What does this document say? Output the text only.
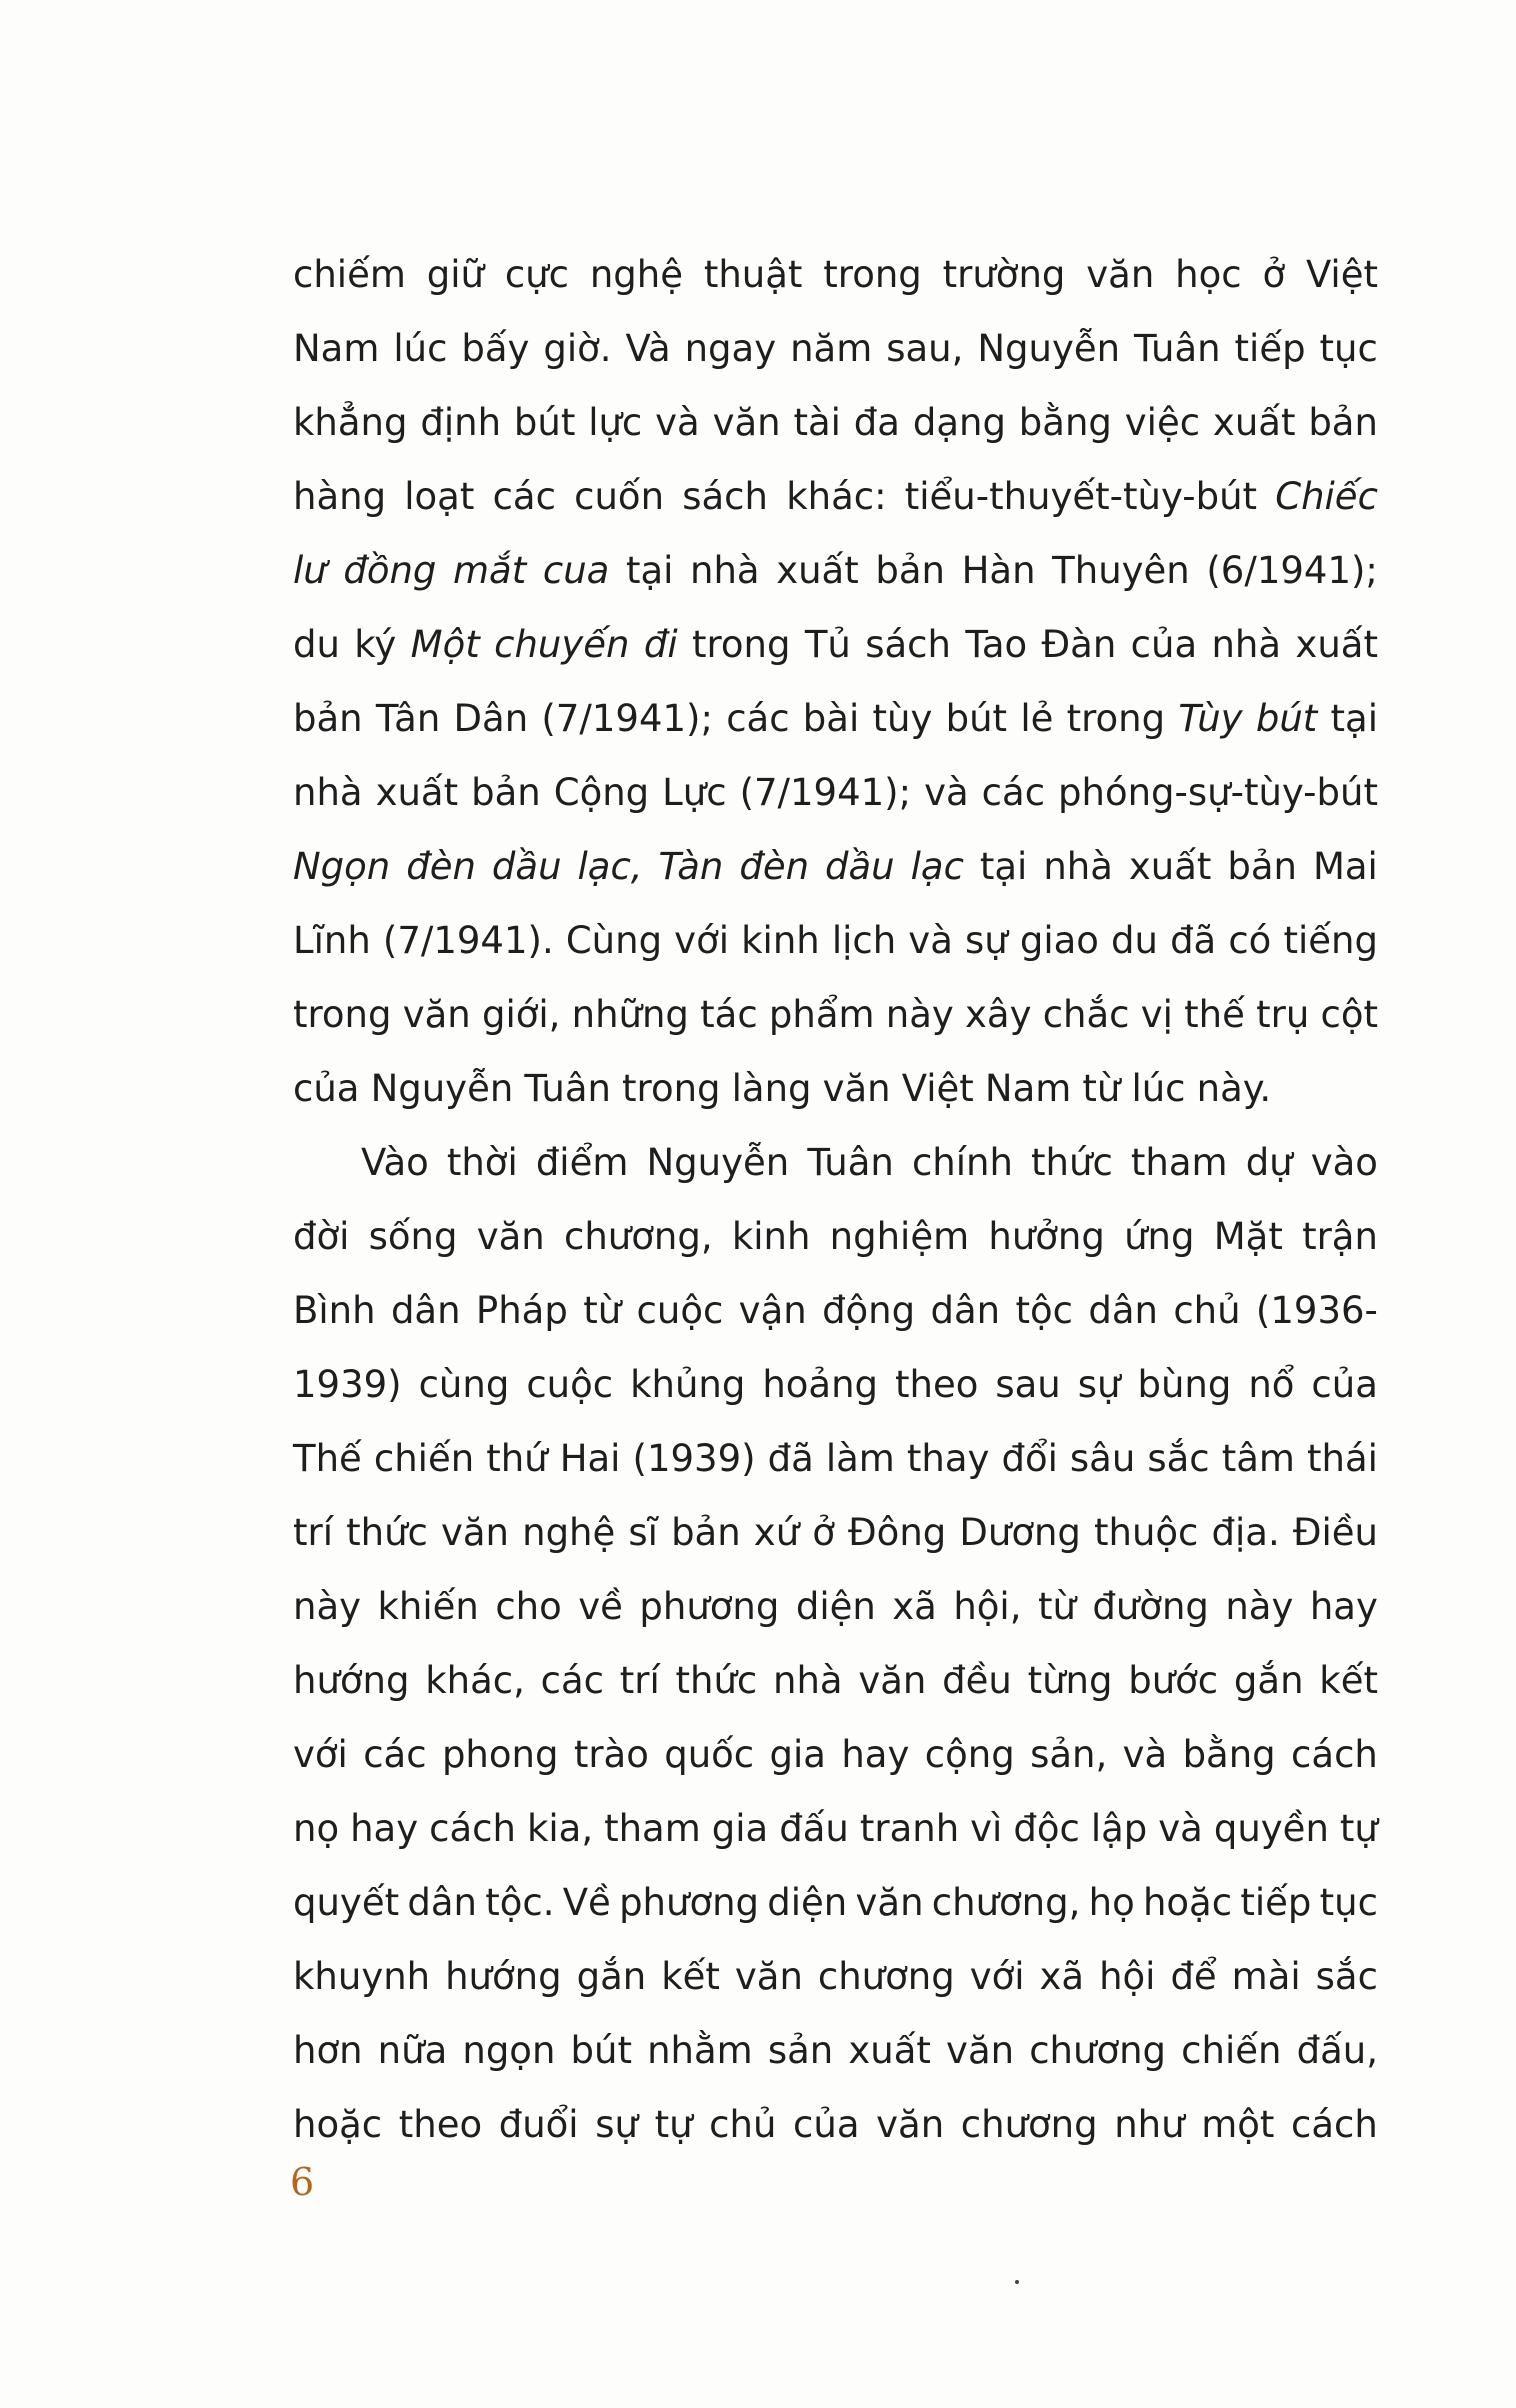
chiếm giữ cực nghệ thuật trong trường văn học ở Việt
Nam lúc bấy giờ. Và ngay năm sau, Nguyễn Tuân tiếp tục
khẳng định bút lực và văn tài đa dạng bằng việc xuất bản
hàng loạt các cuốn sách khác: tiểu-thuyết-tùy-bút Chiếc
lư đồng mắt cua tại nhà xuất bản Hàn Thuyên (6/1941);
du ký Một chuyến đi trong Tủ sách Tao Đàn của nhà xuất
bản Tân Dân (7/1941); các bài tùy bút lẻ trong Tùy bút tại
nhà xuất bản Cộng Lực (7/1941); và các phóng-sự-tùy-bút
Ngọn đèn dầu lạc, Tàn đèn dầu lạc tại nhà xuất bản Mai
Lĩnh (7/1941). Cùng với kinh lịch và sự giao du đã có tiếng
trong văn giới, những tác phẩm này xây chắc vị thế trụ cột
của Nguyễn Tuân trong làng văn Việt Nam từ lúc này.
Vào thời điểm Nguyễn Tuân chính thức tham dự vào
đời sống văn chương, kinh nghiệm hưởng ứng Mặt trận
Bình dân Pháp từ cuộc vận động dân tộc dân chủ (1936-
1939) cùng cuộc khủng hoảng theo sau sự bùng nổ của
Thế chiến thứ Hai (1939) đã làm thay đổi sâu sắc tâm thái
trí thức văn nghệ sĩ bản xứ ở Đông Dương thuộc địa. Điều
này khiến cho về phương diện xã hội, từ đường này hay
hướng khác, các trí thức nhà văn đều từng bước gắn kết
với các phong trào quốc gia hay cộng sản, và bằng cách
nọ hay cách kia, tham gia đấu tranh vì độc lập và quyền tự
quyết dân tộc. Về phương diện văn chương, họ hoặc tiếp tục
khuynh hướng gắn kết văn chương với xã hội để mài sắc
hơn nữa ngọn bút nhằm sản xuất văn chương chiến đấu,
hoặc theo đuổi sự tự chủ của văn chương như một cách
6
